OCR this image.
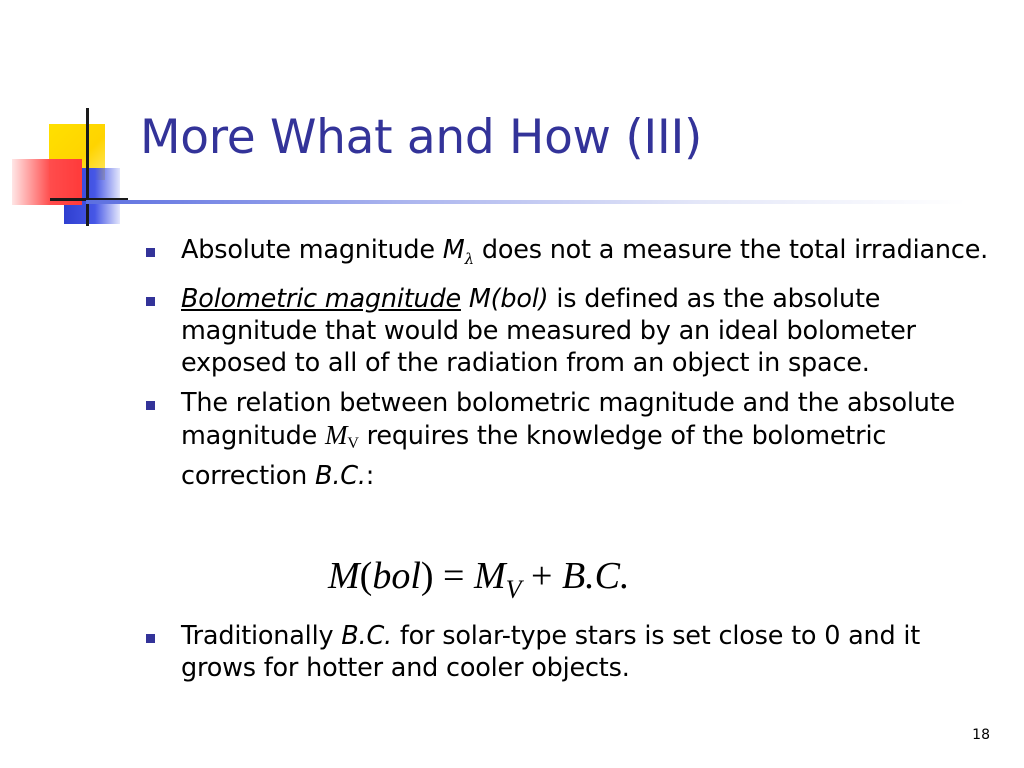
More What and How (III)
Absolute magnitude $M_\lambda$ does not a measure the total irradiance.
Bolometric magnitude M(bol) is defined as the absolute magnitude that would be measured by an ideal bolometer exposed to all of the radiation from an object in space.
The relation between bolometric magnitude and the absolute magnitude MV requires the knowledge of the bolometric correction B.C.:
$M(bol) = M_V + B.C$.
Traditionally B.C. for solar-type stars is set close to 0 and it grows for hotter and cooler objects.
18
